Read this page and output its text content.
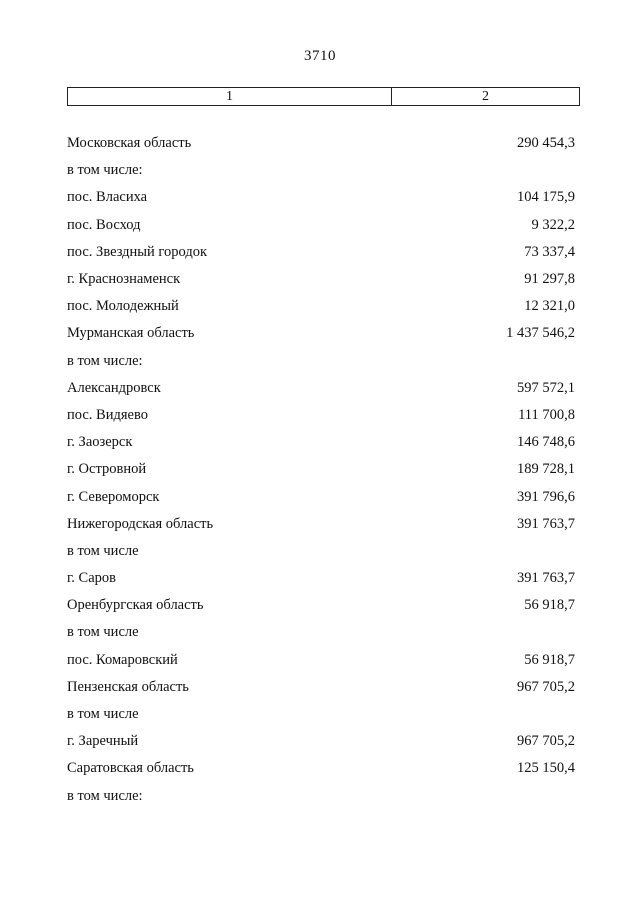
3710
1	2
Московская область	290 454,3
в том числе:
пос. Власиха	104 175,9
пос. Восход	9 322,2
пос. Звездный городок	73 337,4
г. Краснознаменск	91 297,8
пос. Молодежный	12 321,0
Мурманская область	1 437 546,2
в том числе:
Александровск	597 572,1
пос. Видяево	111 700,8
г. Заозерск	146 748,6
г. Островной	189 728,1
г. Североморск	391 796,6
Нижегородская область	391 763,7
в том числе
г. Саров	391 763,7
Оренбургская область	56 918,7
в том числе
пос. Комаровский	56 918,7
Пензенская область	967 705,2
в том числе
г. Заречный	967 705,2
Саратовская область	125 150,4
в том числе:
